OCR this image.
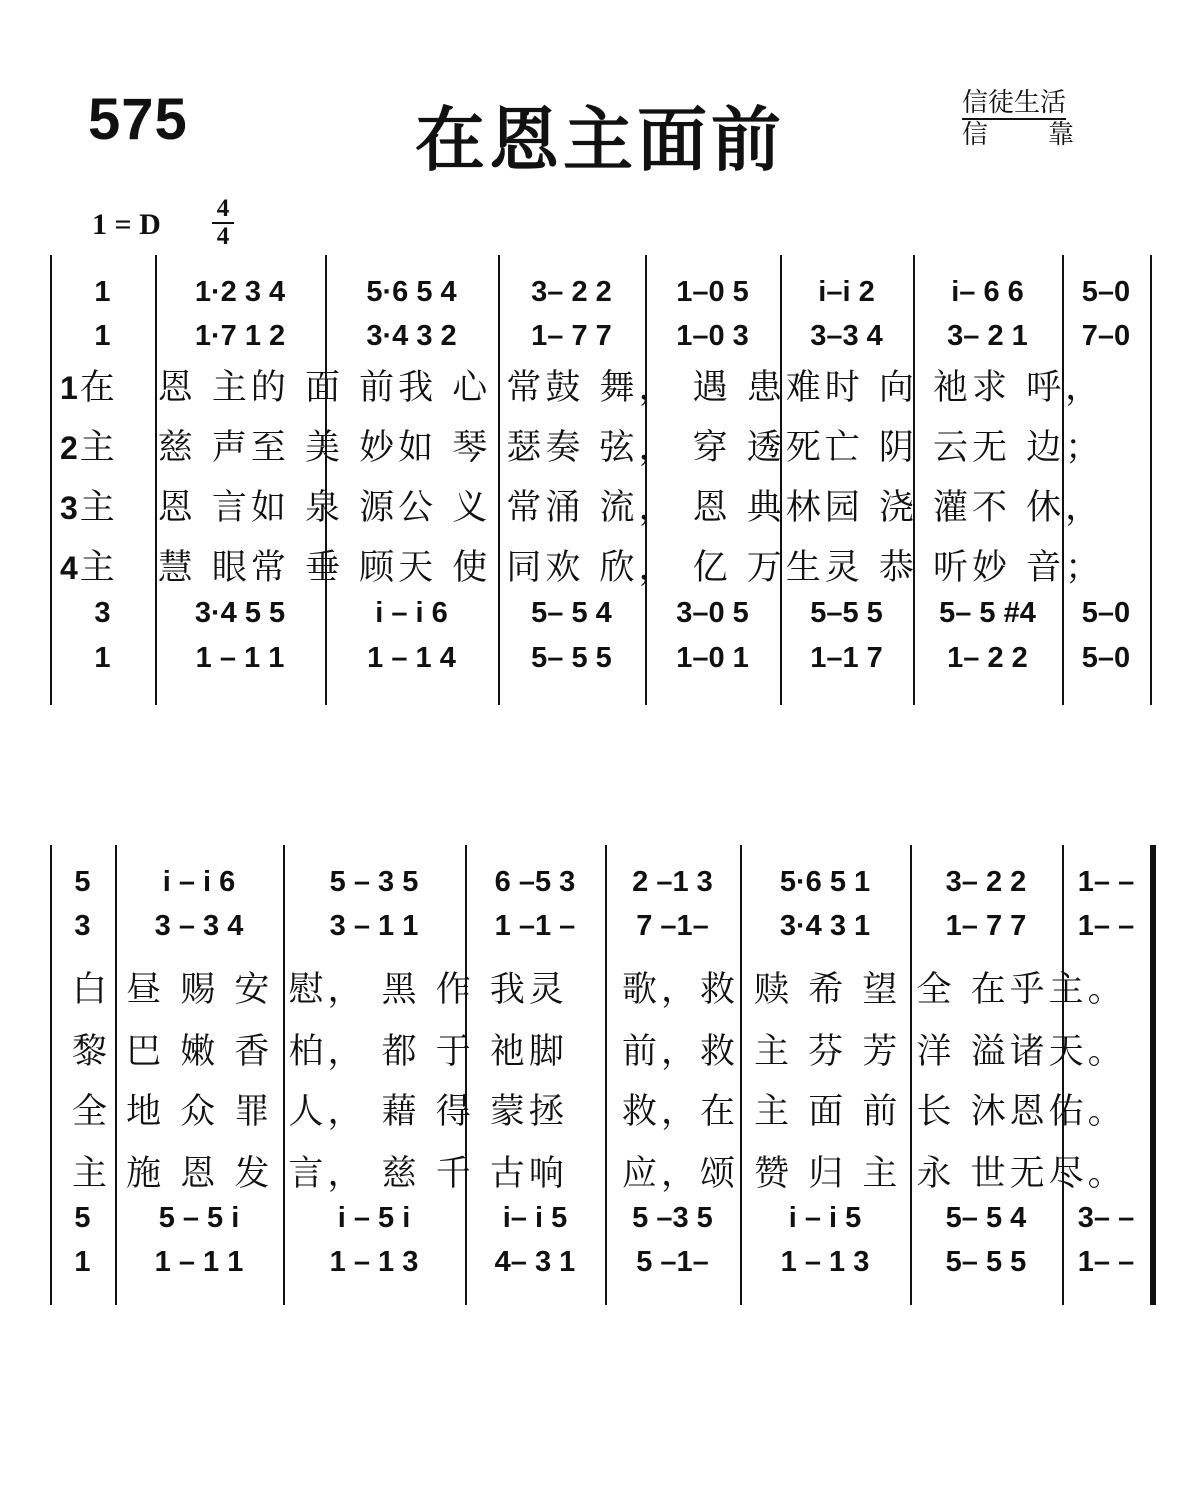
575	在恩主面前	信徒生活
信 靠
1 = D 4
4
1	1·2 3 4	5·6 5 4	3– 2 2	1–0 5	i–i 2	i– 6 6	5–0
1	1·7 1 2	3·4 3 2	1– 7 7	1–0 3	3–3 4	3– 2 1	7–0
3	3·4 5 5	i – i 6	5– 5 4	3–0 5	5–5 5	5– 5 #4	5–0
1	1 – 1 1	1 – 1 4	5– 5 5	1–0 1	1–1 7	1– 2 2	5–0
1在　恩 主的 面 前我 心 常鼓 舞， 遇 患难时 向 祂求 呼，
2主　慈 声至 美 妙如 琴 瑟奏 弦， 穿 透死亡 阴 云无 边；
3主　恩 言如 泉 源公 义 常涌 流， 恩 典林园 浇 灌不 休，
4主　慧 眼常 垂 顾天 使 同欢 欣， 亿 万生灵 恭 听妙 音；
5	i – i 6	5 – 3 5	6 –5 3	2 –1 3	5·6 5 1	3– 2 2	1– –
3	3 – 3 4	3 – 1 1	1 –1 –	7 –1–	3·4 3 1	1– 7 7	1– –
5	5 – 5 i	i – 5 i	i– i 5	5 –3 5	i – i 5	5– 5 4	3– –
1	1 – 1 1	1 – 1 3	4– 3 1	5 –1–	1 – 1 3	5– 5 5	1– –
白 昼 赐 安 慰， 黑 作 我灵　 歌，救 赎 希 望 全 在乎主。
黎 巴 嫩 香 柏， 都 于 祂脚　 前，救 主 芬 芳 洋 溢诸天。
全 地 众 罪 人， 藉 得 蒙拯　 救，在 主 面 前 长 沐恩佑。
主 施 恩 发 言， 慈 千 古响　 应，颂 赞 归 主 永 世无尽。
